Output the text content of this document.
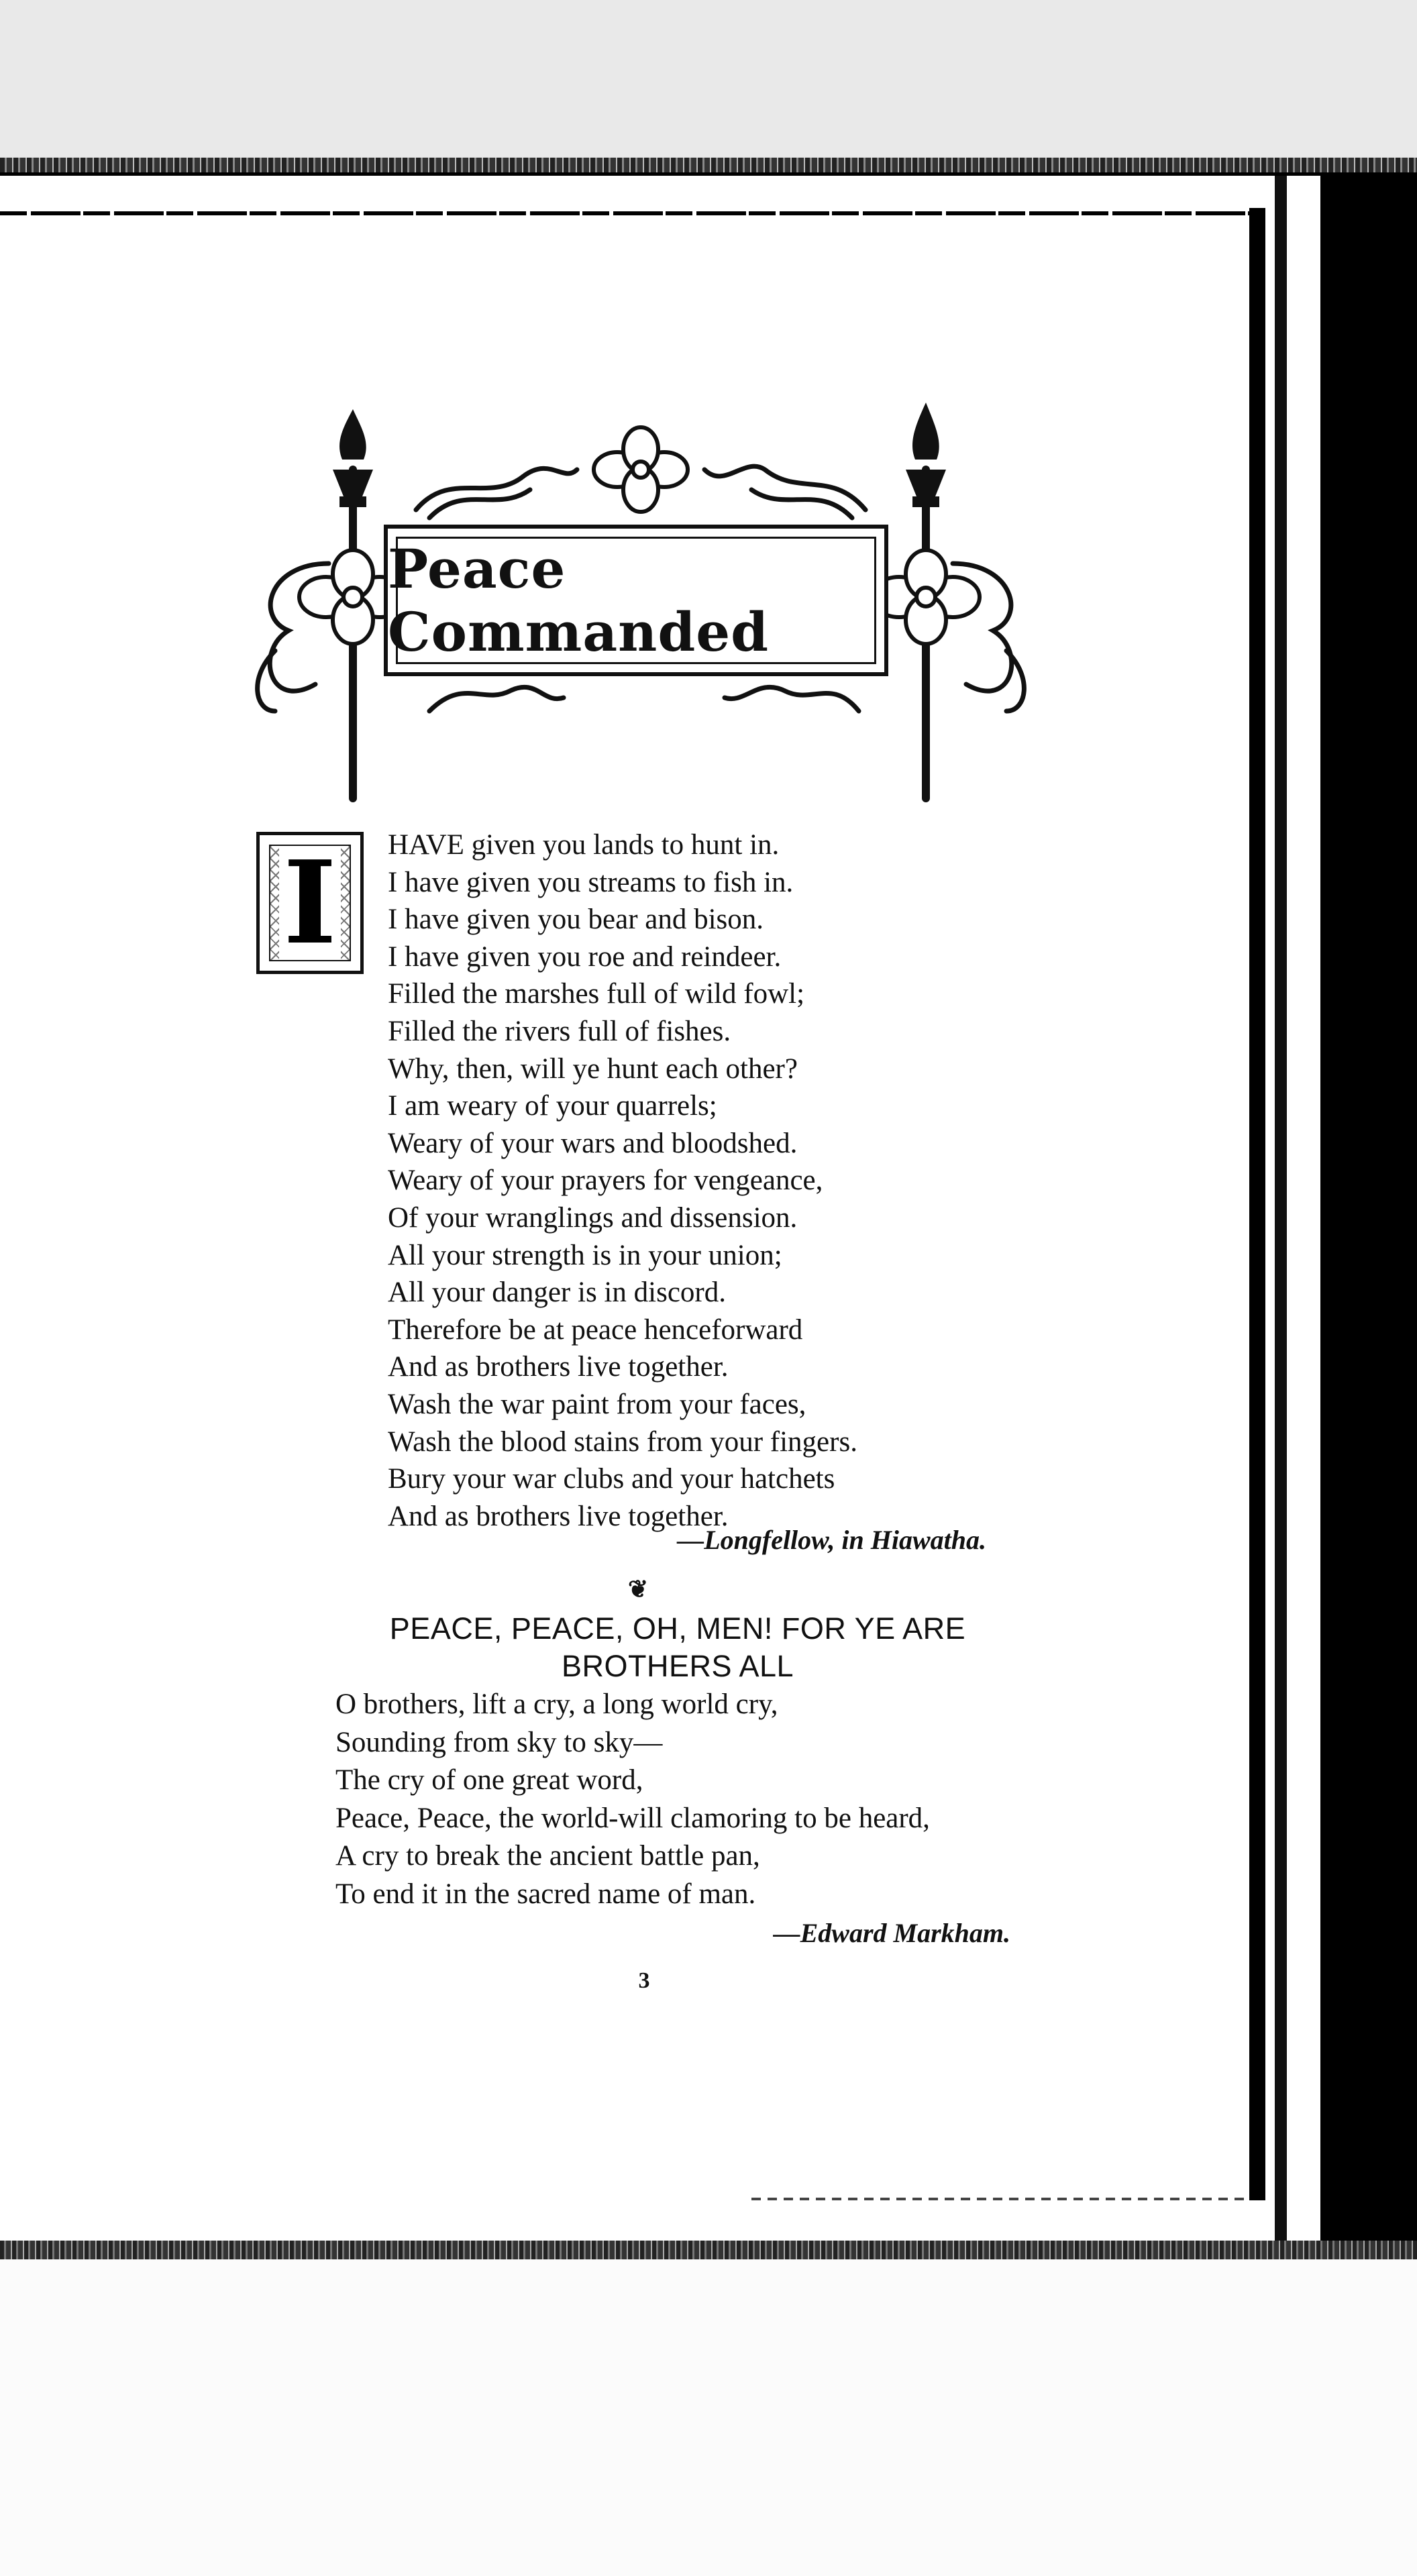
Peace Commanded
I HAVE given you lands to hunt in.
I have given you streams to fish in.
I have given you bear and bison.
I have given you roe and reindeer.
Filled the marshes full of wild fowl;
Filled the rivers full of fishes.
Why, then, will ye hunt each other?
I am weary of your quarrels;
Weary of your wars and bloodshed.
Weary of your prayers for vengeance,
Of your wranglings and dissension.
All your strength is in your union;
All your danger is in discord.
Therefore be at peace henceforward
And as brothers live together.
Wash the war paint from your faces,
Wash the blood stains from your fingers.
Bury your war clubs and your hatchets
And as brothers live together.
—Longfellow, in Hiawatha.
❦
PEACE, PEACE, OH, MEN! FOR YE ARE
BROTHERS ALL
O brothers, lift a cry, a long world cry,
Sounding from sky to sky—
The cry of one great word,
Peace, Peace, the world-will clamoring to be heard,
A cry to break the ancient battle pan,
To end it in the sacred name of man.
—Edward Markham.
3
